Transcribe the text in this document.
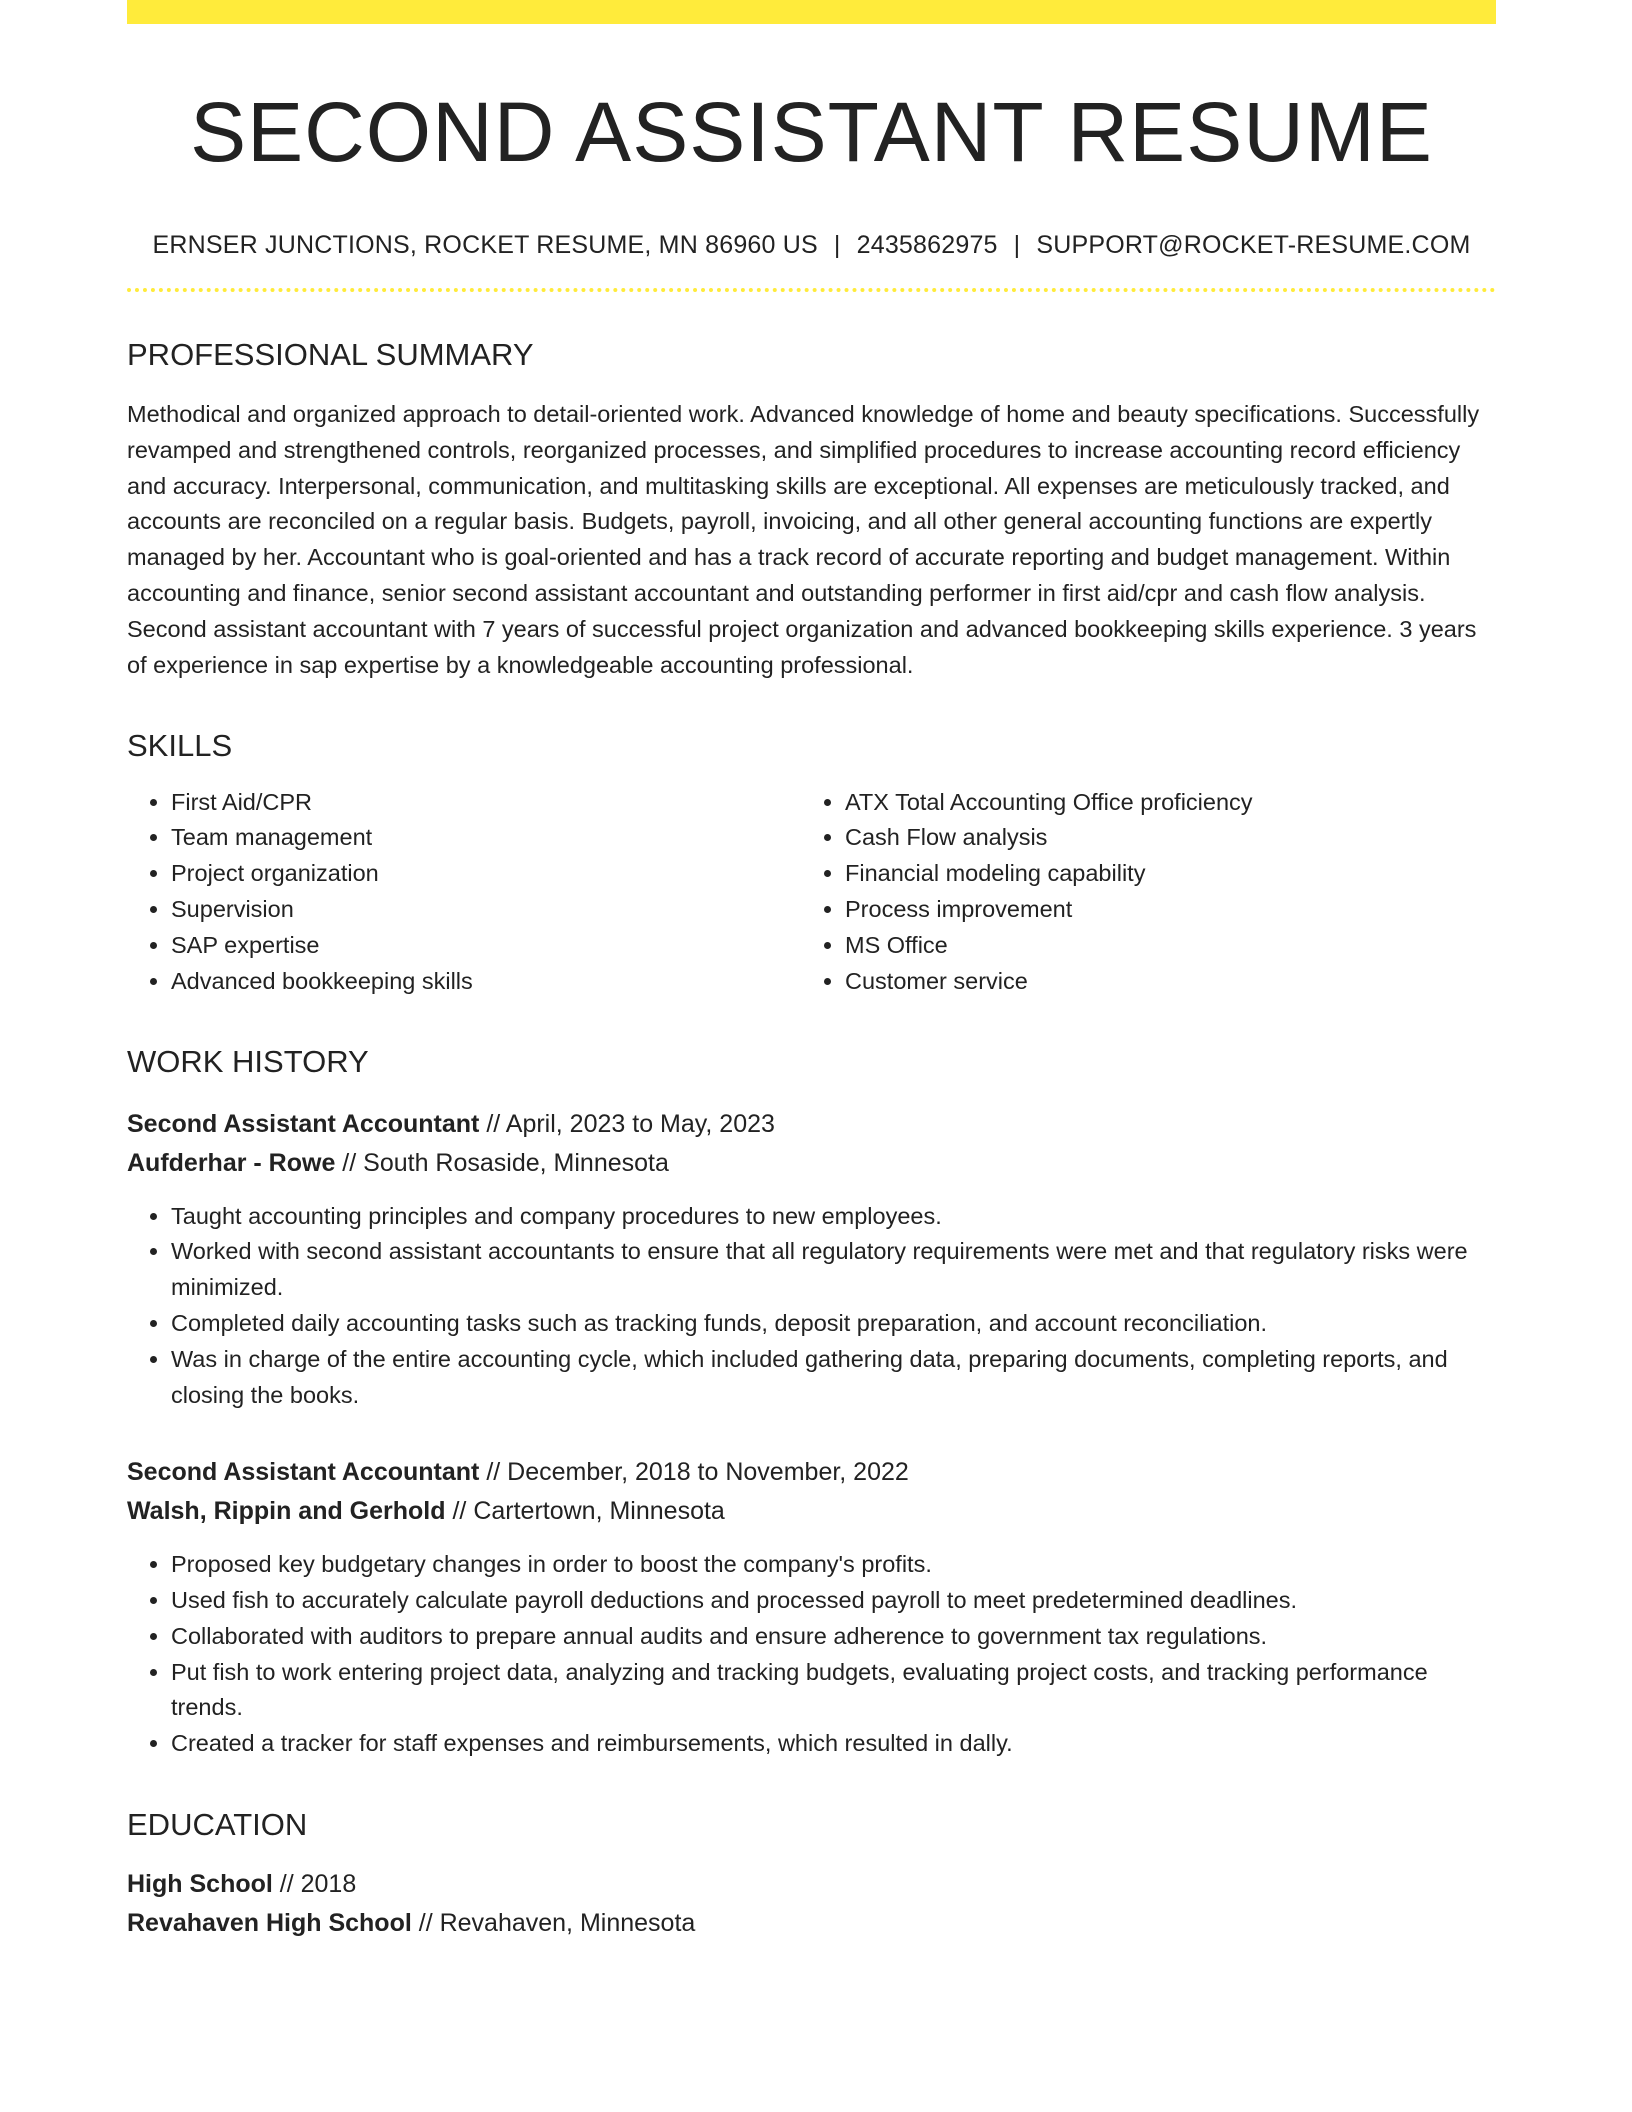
SECOND ASSISTANT RESUME
ERNSER JUNCTIONS, ROCKET RESUME, MN 86960 US | 2435862975 | SUPPORT@ROCKET-RESUME.COM
PROFESSIONAL SUMMARY
Methodical and organized approach to detail-oriented work. Advanced knowledge of home and beauty specifications. Successfully revamped and strengthened controls, reorganized processes, and simplified procedures to increase accounting record efficiency and accuracy. Interpersonal, communication, and multitasking skills are exceptional. All expenses are meticulously tracked, and accounts are reconciled on a regular basis. Budgets, payroll, invoicing, and all other general accounting functions are expertly managed by her. Accountant who is goal-oriented and has a track record of accurate reporting and budget management. Within accounting and finance, senior second assistant accountant and outstanding performer in first aid/cpr and cash flow analysis. Second assistant accountant with 7 years of successful project organization and advanced bookkeeping skills experience. 3 years of experience in sap expertise by a knowledgeable accounting professional.
SKILLS
• First Aid/CPR
• Team management
• Project organization
• Supervision
• SAP expertise
• Advanced bookkeeping skills
• ATX Total Accounting Office proficiency
• Cash Flow analysis
• Financial modeling capability
• Process improvement
• MS Office
• Customer service
WORK HISTORY
Second Assistant Accountant // April, 2023 to May, 2023
Aufderhar - Rowe // South Rosaside, Minnesota
• Taught accounting principles and company procedures to new employees.
• Worked with second assistant accountants to ensure that all regulatory requirements were met and that regulatory risks were minimized.
• Completed daily accounting tasks such as tracking funds, deposit preparation, and account reconciliation.
• Was in charge of the entire accounting cycle, which included gathering data, preparing documents, completing reports, and closing the books.
Second Assistant Accountant // December, 2018 to November, 2022
Walsh, Rippin and Gerhold // Cartertown, Minnesota
• Proposed key budgetary changes in order to boost the company's profits.
• Used fish to accurately calculate payroll deductions and processed payroll to meet predetermined deadlines.
• Collaborated with auditors to prepare annual audits and ensure adherence to government tax regulations.
• Put fish to work entering project data, analyzing and tracking budgets, evaluating project costs, and tracking performance trends.
• Created a tracker for staff expenses and reimbursements, which resulted in dally.
EDUCATION
High School // 2018
Revahaven High School // Revahaven, Minnesota
